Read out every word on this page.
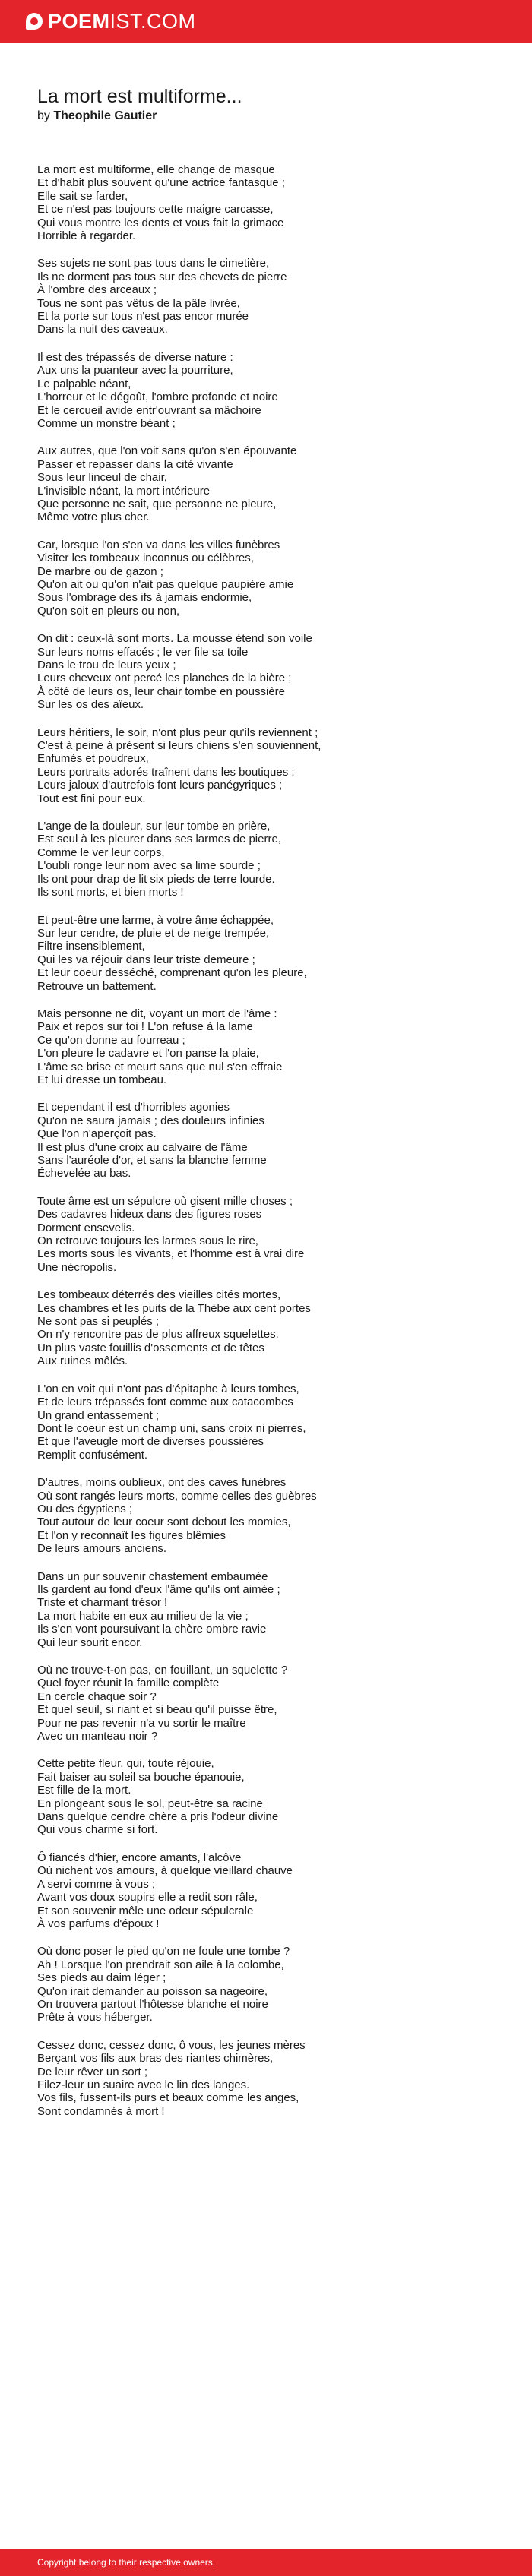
POEM IST.COM
La mort est multiforme...
by Theophile Gautier
La mort est multiforme, elle change de masque
Et d'habit plus souvent qu'une actrice fantasque ;
Elle sait se farder,
Et ce n'est pas toujours cette maigre carcasse,
Qui vous montre les dents et vous fait la grimace
Horrible à regarder.
Ses sujets ne sont pas tous dans le cimetière,
Ils ne dorment pas tous sur des chevets de pierre
À l'ombre des arceaux ;
Tous ne sont pas vêtus de la pâle livrée,
Et la porte sur tous n'est pas encor murée
Dans la nuit des caveaux.
Il est des trépassés de diverse nature :
Aux uns la puanteur avec la pourriture,
Le palpable néant,
L'horreur et le dégoût, l'ombre profonde et noire
Et le cercueil avide entr'ouvrant sa mâchoire
Comme un monstre béant ;
Aux autres, que l'on voit sans qu'on s'en épouvante
Passer et repasser dans la cité vivante
Sous leur linceul de chair,
L'invisible néant, la mort intérieure
Que personne ne sait, que personne ne pleure,
Même votre plus cher.
Car, lorsque l'on s'en va dans les villes funèbres
Visiter les tombeaux inconnus ou célèbres,
De marbre ou de gazon ;
Qu'on ait ou qu'on n'ait pas quelque paupière amie
Sous l'ombrage des ifs à jamais endormie,
Qu'on soit en pleurs ou non,
On dit : ceux-là sont morts. La mousse étend son voile
Sur leurs noms effacés ; le ver file sa toile
Dans le trou de leurs yeux ;
Leurs cheveux ont percé les planches de la bière ;
À côté de leurs os, leur chair tombe en poussière
Sur les os des aïeux.
Leurs héritiers, le soir, n'ont plus peur qu'ils reviennent ;
C'est à peine à présent si leurs chiens s'en souviennent,
Enfumés et poudreux,
Leurs portraits adorés traînent dans les boutiques ;
Leurs jaloux d'autrefois font leurs panégyriques ;
Tout est fini pour eux.
L'ange de la douleur, sur leur tombe en prière,
Est seul à les pleurer dans ses larmes de pierre,
Comme le ver leur corps,
L'oubli ronge leur nom avec sa lime sourde ;
Ils ont pour drap de lit six pieds de terre lourde.
Ils sont morts, et bien morts !
Et peut-être une larme, à votre âme échappée,
Sur leur cendre, de pluie et de neige trempée,
Filtre insensiblement,
Qui les va réjouir dans leur triste demeure ;
Et leur coeur desséché, comprenant qu'on les pleure,
Retrouve un battement.
Mais personne ne dit, voyant un mort de l'âme :
Paix et repos sur toi ! L'on refuse à la lame
Ce qu'on donne au fourreau ;
L'on pleure le cadavre et l'on panse la plaie,
L'âme se brise et meurt sans que nul s'en effraie
Et lui dresse un tombeau.
Et cependant il est d'horribles agonies
Qu'on ne saura jamais ; des douleurs infinies
Que l'on n'aperçoit pas.
Il est plus d'une croix au calvaire de l'âme
Sans l'auréole d'or, et sans la blanche femme
Échevelée au bas.
Toute âme est un sépulcre où gisent mille choses ;
Des cadavres hideux dans des figures roses
Dorment ensevelis.
On retrouve toujours les larmes sous le rire,
Les morts sous les vivants, et l'homme est à vrai dire
Une nécropolis.
Les tombeaux déterrés des vieilles cités mortes,
Les chambres et les puits de la Thèbe aux cent portes
Ne sont pas si peuplés ;
On n'y rencontre pas de plus affreux squelettes.
Un plus vaste fouillis d'ossements et de têtes
Aux ruines mêlés.
L'on en voit qui n'ont pas d'épitaphe à leurs tombes,
Et de leurs trépassés font comme aux catacombes
Un grand entassement ;
Dont le coeur est un champ uni, sans croix ni pierres,
Et que l'aveugle mort de diverses poussières
Remplit confusément.
D'autres, moins oublieux, ont des caves funèbres
Où sont rangés leurs morts, comme celles des guèbres
Ou des égyptiens ;
Tout autour de leur coeur sont debout les momies,
Et l'on y reconnaît les figures blêmies
De leurs amours anciens.
Dans un pur souvenir chastement embaumée
Ils gardent au fond d'eux l'âme qu'ils ont aimée ;
Triste et charmant trésor !
La mort habite en eux au milieu de la vie ;
Ils s'en vont poursuivant la chère ombre ravie
Qui leur sourit encor.
Où ne trouve-t-on pas, en fouillant, un squelette ?
Quel foyer réunit la famille complète
En cercle chaque soir ?
Et quel seuil, si riant et si beau qu'il puisse être,
Pour ne pas revenir n'a vu sortir le maître
Avec un manteau noir ?
Cette petite fleur, qui, toute réjouie,
Fait baiser au soleil sa bouche épanouie,
Est fille de la mort.
En plongeant sous le sol, peut-être sa racine
Dans quelque cendre chère a pris l'odeur divine
Qui vous charme si fort.
Ô fiancés d'hier, encore amants, l'alcôve
Où nichent vos amours, à quelque vieillard chauve
A servi comme à vous ;
Avant vos doux soupirs elle a redit son râle,
Et son souvenir mêle une odeur sépulcrale
À vos parfums d'époux !
Où donc poser le pied qu'on ne foule une tombe ?
Ah ! Lorsque l'on prendrait son aile à la colombe,
Ses pieds au daim léger ;
Qu'on irait demander au poisson sa nageoire,
On trouvera partout l'hôtesse blanche et noire
Prête à vous héberger.
Cessez donc, cessez donc, ô vous, les jeunes mères
Berçant vos fils aux bras des riantes chimères,
De leur rêver un sort ;
Filez-leur un suaire avec le lin des langes.
Vos fils, fussent-ils purs et beaux comme les anges,
Sont condamnés à mort !
Copyright belong to their respective owners.
